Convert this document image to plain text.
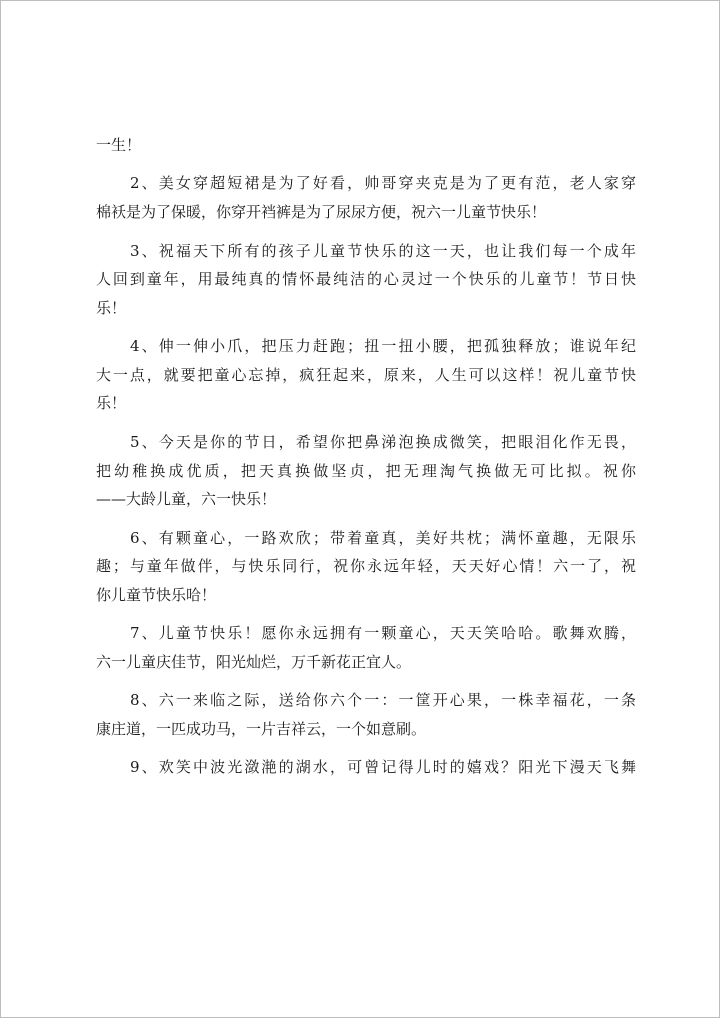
一生！
2、美女穿超短裙是为了好看，帅哥穿夹克是为了更有范，老人家穿
棉袄是为了保暖，你穿开裆裤是为了尿尿方便，祝六一儿童节快乐！
3、祝福天下所有的孩子儿童节快乐的这一天，也让我们每一个成年
人回到童年，用最纯真的情怀最纯洁的心灵过一个快乐的儿童节！节日快
乐！
4、伸一伸小爪，把压力赶跑；扭一扭小腰，把孤独释放；谁说年纪
大一点，就要把童心忘掉，疯狂起来，原来，人生可以这样！祝儿童节快
乐！
5、今天是你的节日，希望你把鼻涕泡换成微笑，把眼泪化作无畏，
把幼稚换成优质，把天真换做坚贞，把无理淘气换做无可比拟。祝你
——大龄儿童，六一快乐！
6、有颗童心，一路欢欣；带着童真，美好共枕；满怀童趣，无限乐
趣；与童年做伴，与快乐同行，祝你永远年轻，天天好心情！六一了，祝
你儿童节快乐哈！
7、儿童节快乐！愿你永远拥有一颗童心，天天笑哈哈。歌舞欢腾，
六一儿童庆佳节，阳光灿烂，万千新花正宜人。
8、六一来临之际，送给你六个一：一筐开心果，一株幸福花，一条
康庄道，一匹成功马，一片吉祥云，一个如意刷。
9、欢笑中波光潋滟的湖水，可曾记得儿时的嬉戏？阳光下漫天飞舞
